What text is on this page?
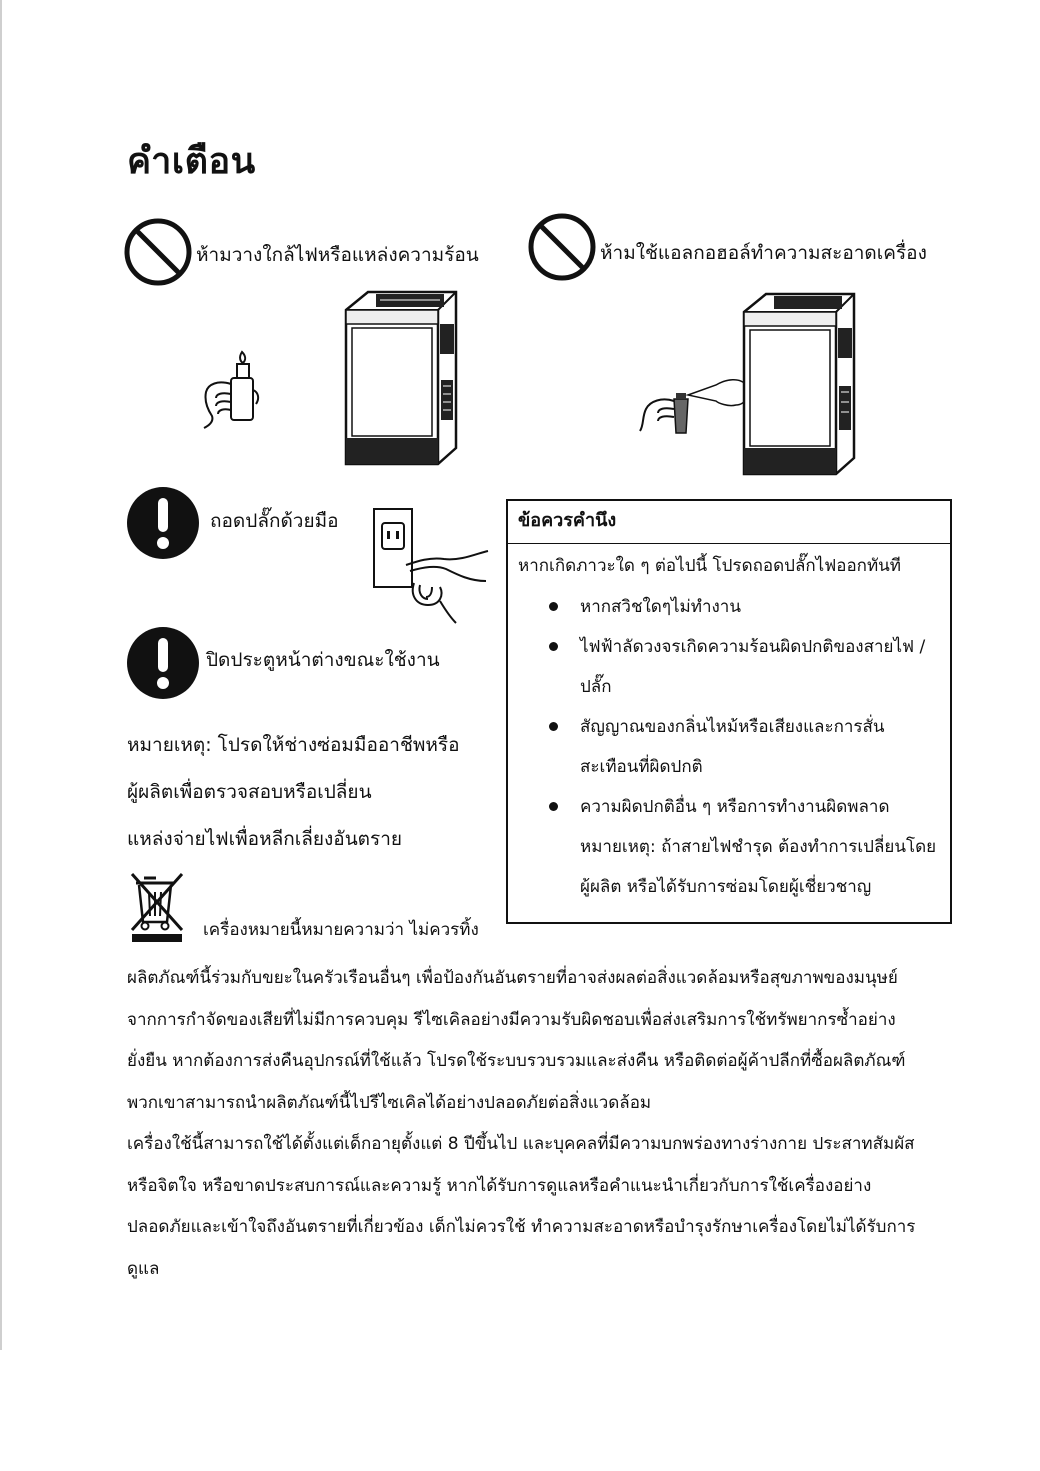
คำเตือน
ห้ามวางใกล้ไฟหรือแหล่งความร้อน	ห้ามใช้แอลกอฮอล์ทำความสะอาดเครื่อง
ถอดปลั๊กด้วยมือ
ปิดประตูหน้าต่างขณะใช้งาน
หมายเหตุ: โปรดให้ช่างซ่อมมืออาชีพหรือ
ผู้ผลิตเพื่อตรวจสอบหรือเปลี่ยน
แหล่งจ่ายไฟเพื่อหลีกเลี่ยงอันตราย
ข้อควรคำนึง
หากเกิดภาวะใด ๆ ต่อไปนี้ โปรดถอดปลั๊กไฟออกทันที
หากสวิชใดๆไม่ทำงาน
ไฟฟ้าลัดวงจรเกิดความร้อนผิดปกติของสายไฟ / ปลั๊ก
สัญญาณของกลิ่นไหม้หรือเสียงและการสั่นสะเทือนที่ผิดปกติ
ความผิดปกติอื่น ๆ หรือการทำงานผิดพลาด หมายเหตุ: ถ้าสายไฟชำรุด ต้องทำการเปลี่ยนโดยผู้ผลิต หรือได้รับการซ่อมโดยผู้เชี่ยวชาญ
เครื่องหมายนี้หมายความว่า ไม่ควรทิ้ง
ผลิตภัณฑ์นี้ร่วมกับขยะในครัวเรือนอื่นๆ เพื่อป้องกันอันตรายที่อาจส่งผลต่อสิ่งแวดล้อมหรือสุขภาพของมนุษย์จากการกำจัดของเสียที่ไม่มีการควบคุม รีไซเคิลอย่างมีความรับผิดชอบเพื่อส่งเสริมการใช้ทรัพยากรซ้ำอย่างยั่งยืน หากต้องการส่งคืนอุปกรณ์ที่ใช้แล้ว โปรดใช้ระบบรวบรวมและส่งคืน หรือติดต่อผู้ค้าปลีกที่ซื้อผลิตภัณฑ์ พวกเขาสามารถนำผลิตภัณฑ์นี้ไปรีไซเคิลได้อย่างปลอดภัยต่อสิ่งแวดล้อม
เครื่องใช้นี้สามารถใช้ได้ตั้งแต่เด็กอายุตั้งแต่ 8 ปีขึ้นไป และบุคคลที่มีความบกพร่องทางร่างกาย ประสาทสัมผัสหรือจิตใจ หรือขาดประสบการณ์และความรู้ หากได้รับการดูแลหรือคำแนะนำเกี่ยวกับการใช้เครื่องอย่างปลอดภัยและเข้าใจถึงอันตรายที่เกี่ยวข้อง เด็กไม่ควรใช้ ทำความสะอาดหรือบำรุงรักษาเครื่องโดยไม่ได้รับการดูแล
